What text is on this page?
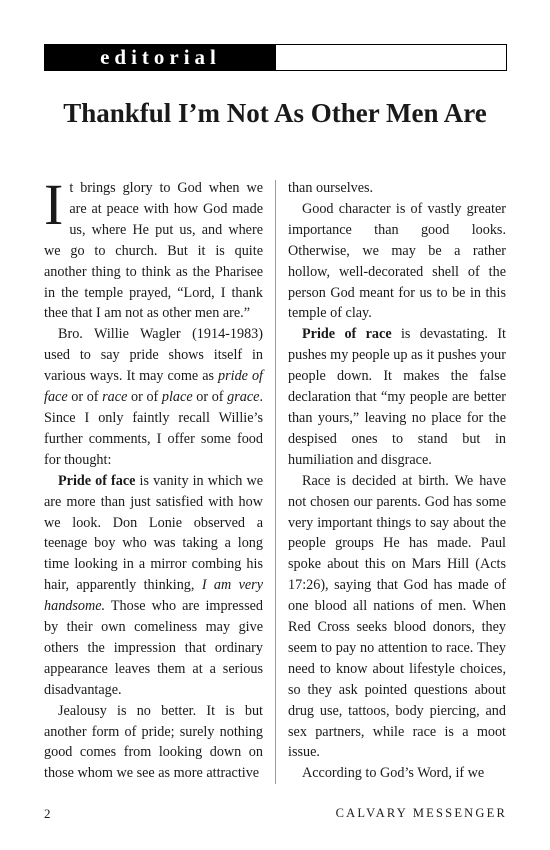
editorial
Thankful I’m Not As Other Men Are

It brings glory to God when we are at peace with how God made us, where He put us, and where we go to church. But it is quite another thing to think as the Pharisee in the temple prayed, “Lord, I thank thee that I am not as other men are.”

Bro. Willie Wagler (1914-1983) used to say pride shows itself in various ways. It may come as pride of face or of race or of place or of grace. Since I only faintly recall Willie’s further comments, I offer some food for thought:

Pride of face is vanity in which we are more than just satisfied with how we look. Don Lonie observed a teenage boy who was taking a long time looking in a mirror combing his hair, apparently thinking, I am very handsome. Those who are impressed by their own comeliness may give others the impression that ordinary appearance leaves them at a serious disadvantage.

Jealousy is no better. It is but another form of pride; surely nothing good comes from looking down on those whom we see as more attractive

than ourselves.

Good character is of vastly greater importance than good looks. Otherwise, we may be a rather hollow, well-decorated shell of the person God meant for us to be in this temple of clay.

Pride of race is devastating. It pushes my people up as it pushes your people down. It makes the false declaration that “my people are better than yours,” leaving no place for the despised ones to stand but in humiliation and disgrace.

Race is decided at birth. We have not chosen our parents. God has some very important things to say about the people groups He has made. Paul spoke about this on Mars Hill (Acts 17:26), saying that God has made of one blood all nations of men. When Red Cross seeks blood donors, they seem to pay no attention to race. They need to know about lifestyle choices, so they ask pointed questions about drug use, tattoos, body piercing, and sex partners, while race is a moot issue.

According to God’s Word, if we

2	CALVARY MESSENGER
